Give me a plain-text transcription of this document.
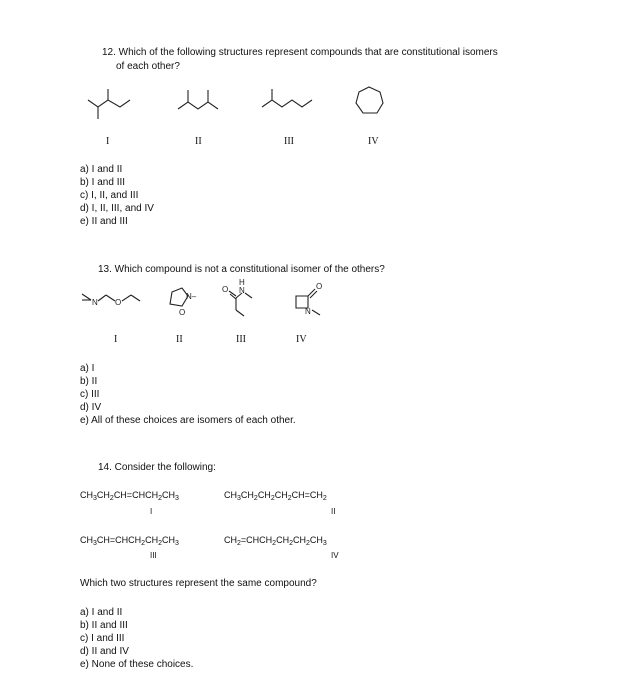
12. Which of the following structures represent compounds that are constitutional isomers
of each other?
I	II	III	IV
a) I and II
b) I and III
c) I, II, and III
d) I, II, III, and IV
e) II and III
13. Which compound is not a constitutional isomer of the others?
N O
N–
O
O
H
N	O
N
I	II	III	IV
a) I
b) II
c) III
d) IV
e) All of these choices are isomers of each other.
14. Consider the following:
$CH_3CH_2CH=CHCH_2CH_3$	$CH_3CH_2CH_2CH_2CH=CH_2$
I	II
$CH_3CH=CHCH_2CH_2CH_3$	$CH_2=CHCH_2CH_2CH_2CH_3$
III	IV
Which two structures represent the same compound?
a) I and II
b) II and III
c) I and III
d) II and IV
e) None of these choices.
